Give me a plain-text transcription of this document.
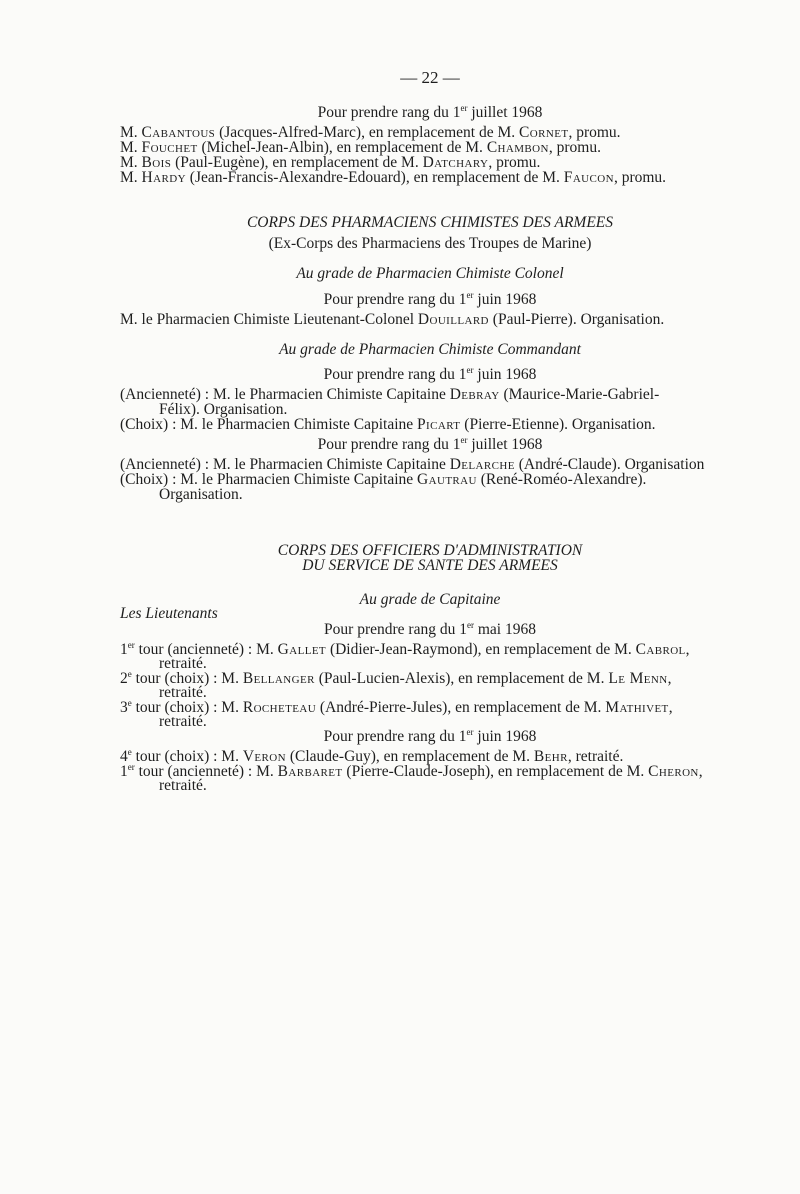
— 22 —
Pour prendre rang du 1er juillet 1968
M. Cabantous (Jacques-Alfred-Marc), en remplacement de M. Cornet, promu.
M. Fouchet (Michel-Jean-Albin), en remplacement de M. Chambon, promu.
M. Bois (Paul-Eugène), en remplacement de M. Datchary, promu.
M. Hardy (Jean-Francis-Alexandre-Edouard), en remplacement de M. Faucon, promu.
CORPS DES PHARMACIENS CHIMISTES DES ARMEES
(Ex-Corps des Pharmaciens des Troupes de Marine)
Au grade de Pharmacien Chimiste Colonel
Pour prendre rang du 1er juin 1968
M. le Pharmacien Chimiste Lieutenant-Colonel Douillard (Paul-Pierre). Organisation.
Au grade de Pharmacien Chimiste Commandant
Pour prendre rang du 1er juin 1968
(Ancienneté) : M. le Pharmacien Chimiste Capitaine Debray (Maurice-Marie-Gabriel-
Félix). Organisation.
(Choix) : M. le Pharmacien Chimiste Capitaine Picart (Pierre-Etienne). Organisation.
Pour prendre rang du 1er juillet 1968
(Ancienneté) : M. le Pharmacien Chimiste Capitaine Delarche (André-Claude). Organisation
(Choix) : M. le Pharmacien Chimiste Capitaine Gautrau (René-Roméo-Alexandre).
Organisation.
CORPS DES OFFICIERS D'ADMINISTRATION
DU SERVICE DE SANTE DES ARMEES
Au grade de Capitaine
Les Lieutenants
Pour prendre rang du 1er mai 1968
1er tour (ancienneté) : M. Gallet (Didier-Jean-Raymond), en remplacement de M. Cabrol,
retraité.
2e tour (choix) : M. Bellanger (Paul-Lucien-Alexis), en remplacement de M. Le Menn,
retraité.
3e tour (choix) : M. Rocheteau (André-Pierre-Jules), en remplacement de M. Mathivet,
retraité.
Pour prendre rang du 1er juin 1968
4e tour (choix) : M. Veron (Claude-Guy), en remplacement de M. Behr, retraité.
1er tour (ancienneté) : M. Barbaret (Pierre-Claude-Joseph), en remplacement de M. Cheron,
retraité.
